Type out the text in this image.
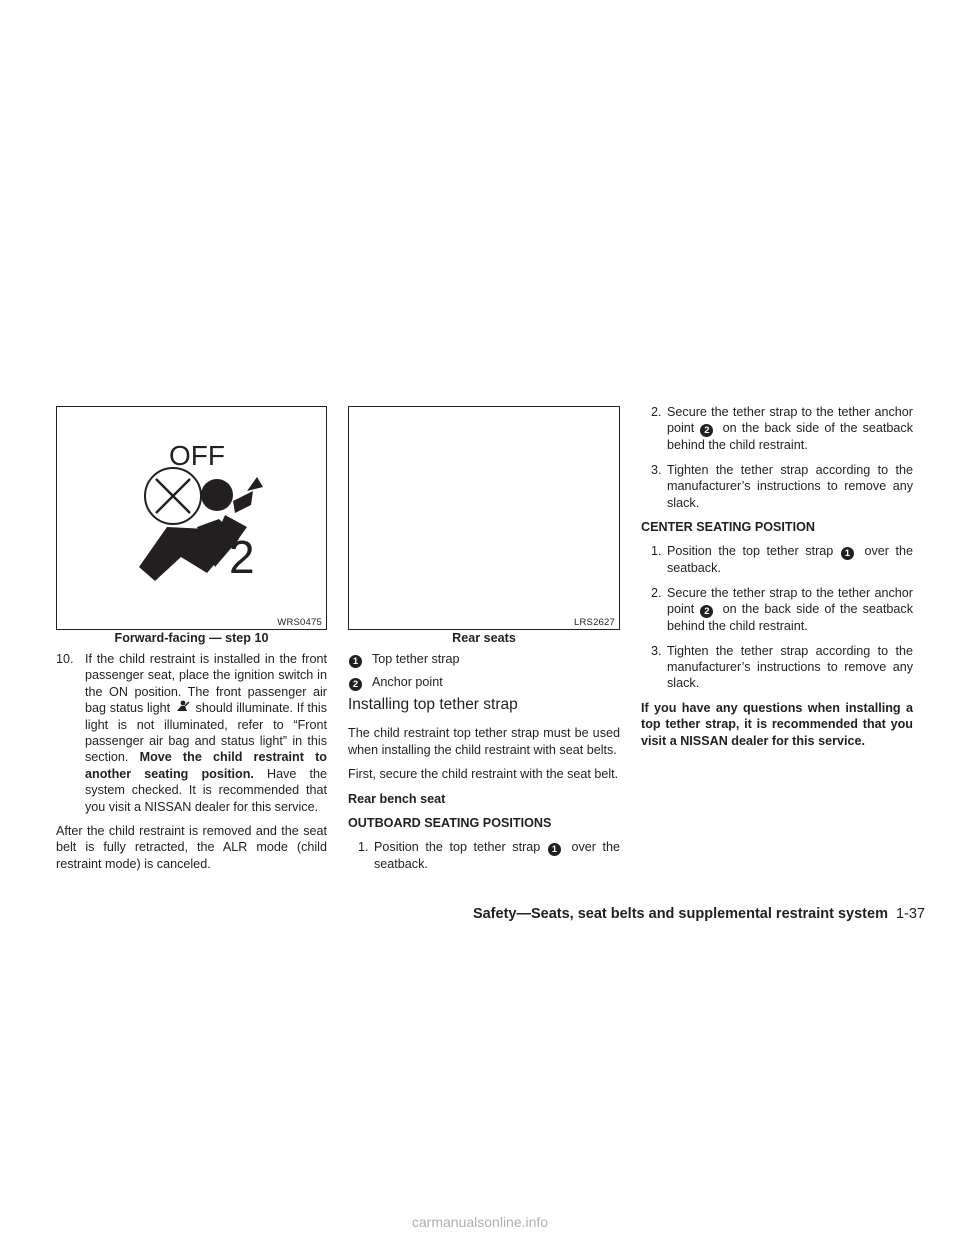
OFF
2
WRS0475
Forward-facing — step 10

10. If the child restraint is installed in the front passenger seat, place the ignition switch in the ON position. The front passenger air bag status light should illuminate. If this light is not illuminated, refer to “Front passenger air bag and status light” in this section. Move the child restraint to another seating position. Have the system checked. It is recommended that you visit a NISSAN dealer for this service.

After the child restraint is removed and the seat belt is fully retracted, the ALR mode (child restraint mode) is canceled.

LRS2627
Rear seats
1 Top tether strap
2 Anchor point
Installing top tether strap

The child restraint top tether strap must be used when installing the child restraint with seat belts.

First, secure the child restraint with the seat belt.

Rear bench seat

OUTBOARD SEATING POSITIONS

1. Position the top tether strap 1 over the seatback.

2. Secure the tether strap to the tether anchor point 2 on the back side of the seatback behind the child restraint.

3. Tighten the tether strap according to the manufacturer’s instructions to remove any slack.

CENTER SEATING POSITION

1. Position the top tether strap 1 over the seatback.

2. Secure the tether strap to the tether anchor point 2 on the back side of the seatback behind the child restraint.

3. Tighten the tether strap according to the manufacturer’s instructions to remove any slack.

If you have any questions when installing a top tether strap, it is recommended that you visit a NISSAN dealer for this service.

Safety—Seats, seat belts and supplemental restraint system 1-37
carmanualsonline.info
